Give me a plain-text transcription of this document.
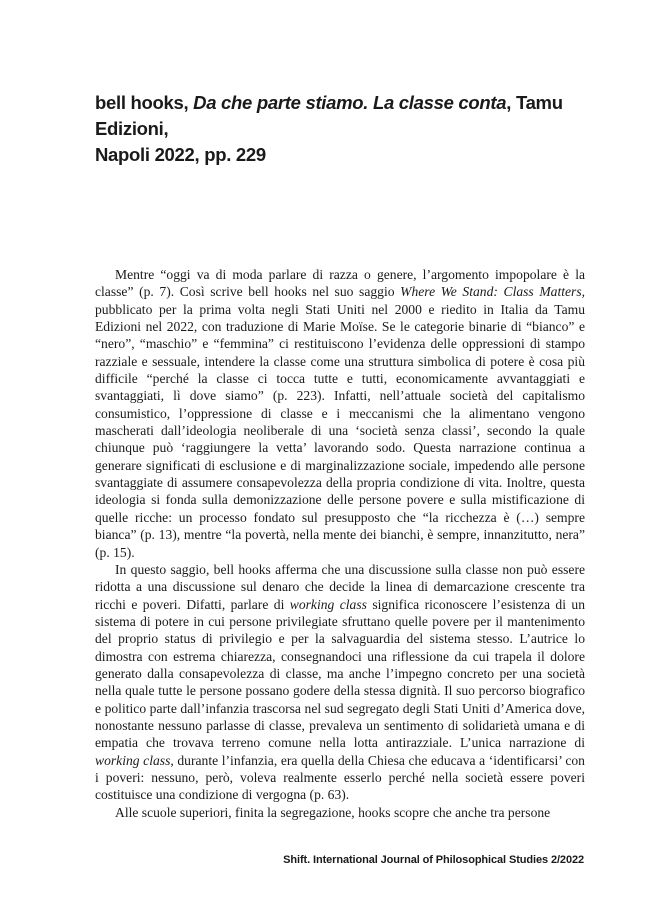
bell hooks, Da che parte stiamo. La classe conta, Tamu Edizioni,
Napoli 2022, pp. 229

Mentre “oggi va di moda parlare di razza o genere, l’argomento impopolare è la classe” (p. 7). Così scrive bell hooks nel suo saggio Where We Stand: Class Matters, pubblicato per la prima volta negli Stati Uniti nel 2000 e riedito in Italia da Tamu Edizioni nel 2022, con traduzione di Marie Moïse. Se le categorie binarie di “bianco” e “nero”, “maschio” e “femmina” ci restituiscono l’evidenza delle oppressioni di stampo razziale e sessuale, intendere la classe come una struttura simbolica di potere è cosa più difficile “perché la classe ci tocca tutte e tutti, economicamente avvantaggiati e svantaggiati, lì dove siamo” (p. 223). Infatti, nell’attuale società del capitalismo consumistico, l’oppressione di classe e i meccanismi che la alimentano vengono mascherati dall’ideologia neoliberale di una ‘società senza classi’, secondo la quale chiunque può ‘raggiungere la vetta’ lavorando sodo. Questa narrazione continua a generare significati di esclusione e di marginalizzazione sociale, impedendo alle persone svantaggiate di assumere consapevolezza della propria condizione di vita. Inoltre, questa ideologia si fonda sulla demonizzazione delle persone povere e sulla mistificazione di quelle ricche: un processo fondato sul presupposto che “la ricchezza è (…) sempre bianca” (p. 13), mentre “la povertà, nella mente dei bianchi, è sempre, innanzitutto, nera” (p. 15).

In questo saggio, bell hooks afferma che una discussione sulla classe non può essere ridotta a una discussione sul denaro che decide la linea di demarcazione crescente tra ricchi e poveri. Difatti, parlare di working class significa riconoscere l’esistenza di un sistema di potere in cui persone privilegiate sfruttano quelle povere per il mantenimento del proprio status di privilegio e per la salvaguardia del sistema stesso. L’autrice lo dimostra con estrema chiarezza, consegnandoci una riflessione da cui trapela il dolore generato dalla consapevolezza di classe, ma anche l’impegno concreto per una società nella quale tutte le persone possano godere della stessa dignità. Il suo percorso biografico e politico parte dall’infanzia trascorsa nel sud segregato degli Stati Uniti d’America dove, nonostante nessuno parlasse di classe, prevaleva un sentimento di solidarietà umana e di empatia che trovava terreno comune nella lotta antirazziale. L’unica narrazione di working class, durante l’infanzia, era quella della Chiesa che educava a ‘identificarsi’ con i poveri: nessuno, però, voleva realmente esserlo perché nella società essere poveri costituisce una condizione di vergogna (p. 63).

Alle scuole superiori, finita la segregazione, hooks scopre che anche tra persone

Shift. International Journal of Philosophical Studies 2/2022
